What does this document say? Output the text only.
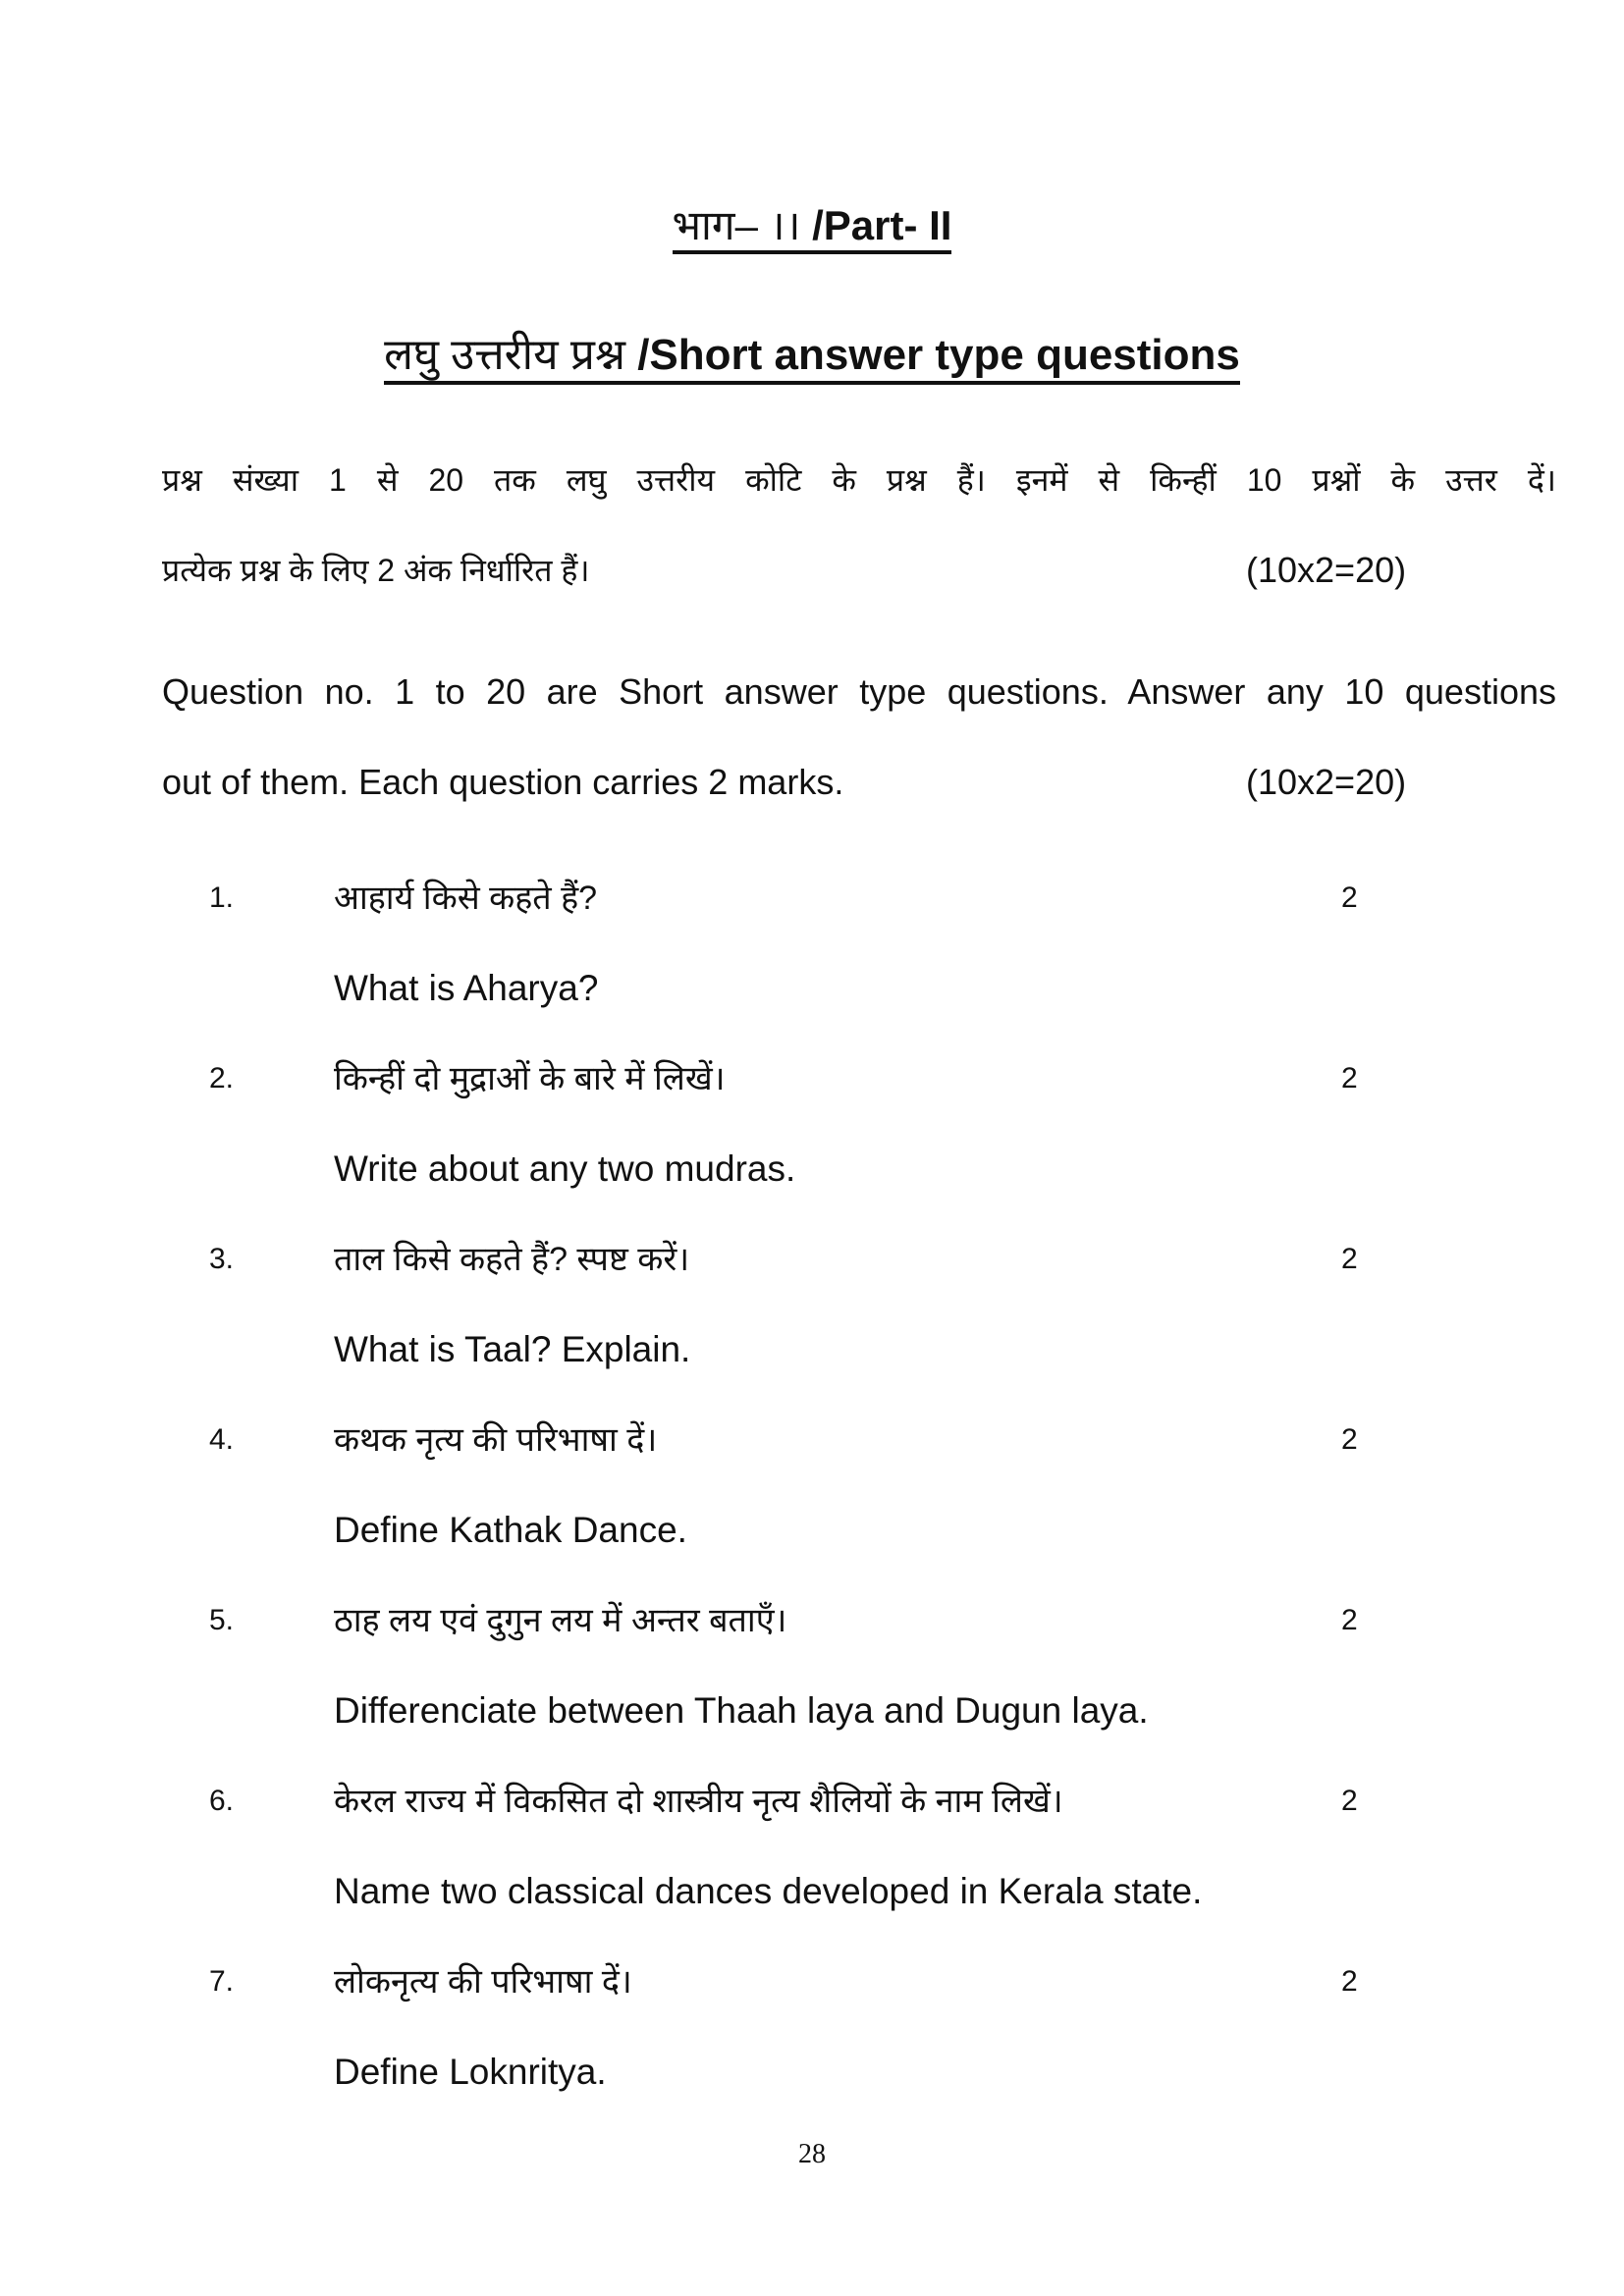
भाग– ।। /Part- II
लघु उत्तरीय प्रश्न /Short answer type questions
प्रश्न संख्या 1 से 20 तक लघु उत्तरीय कोटि के प्रश्न हैं। इनमें से किन्हीं 10 प्रश्नों के उत्तर दें।
प्रत्येक प्रश्न के लिए 2 अंक निर्धारित हैं।	(10x2=20)
Question no. 1 to 20 are Short answer type questions. Answer any 10 questions
out of them. Each question carries 2 marks.	(10x2=20)
1.	आहार्य किसे कहते हैं?	2
What is Aharya?
2.	किन्हीं दो मुद्राओं के बारे में लिखें।	2
Write about any two mudras.
3.	ताल किसे कहते हैं? स्पष्ट करें।	2
What is Taal? Explain.
4.	कथक नृत्य की परिभाषा दें।	2
Define Kathak Dance.
5.	ठाह लय एवं दुगुन लय में अन्तर बताएँ।	2
Differenciate between Thaah laya and Dugun laya.
6.	केरल राज्य में विकसित दो शास्त्रीय नृत्य शैलियों के नाम लिखें।	2
Name two classical dances developed in Kerala state.
7.	लोकनृत्य की परिभाषा दें।	2
Define Loknritya.
28
